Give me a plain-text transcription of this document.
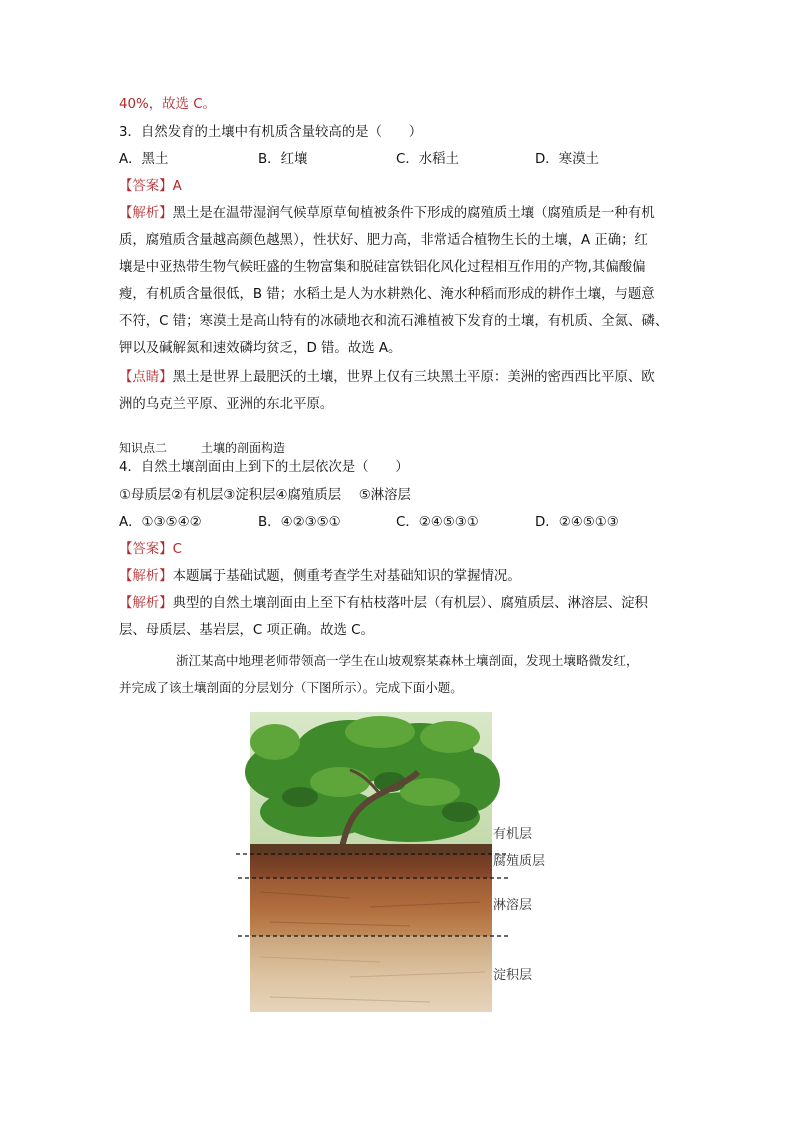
40%，故选 C。
3．自然发育的土壤中有机质含量较高的是（　　）
A．黑土	B．红壤	C．水稻土	D．寒漠土
【答案】A
【解析】黑土是在温带湿润气候草原草甸植被条件下形成的腐殖质土壤（腐殖质是一种有机
质，腐殖质含量越高颜色越黑），性状好、肥力高，非常适合植物生长的土壤，A 正确；红
壤是中亚热带生物气候旺盛的生物富集和脱硅富铁铝化风化过程相互作用的产物,其偏酸偏
瘦，有机质含量很低，B 错；水稻土是人为水耕熟化、淹水种稻而形成的耕作土壤，与题意
不符，C 错；寒漠土是高山特有的冰碛地衣和流石滩植被下发育的土壤，有机质、全氮、磷、
钾以及碱解氮和速效磷均贫乏，D 错。故选 A。
【点睛】黑土是世界上最肥沃的土壤，世界上仅有三块黑土平原：美洲的密西西比平原、欧
洲的乌克兰平原、亚洲的东北平原。
知识点二	土壤的剖面构造
4．自然土壤剖面由上到下的土层依次是（　　）
①母质层②有机层③淀积层④腐殖质层　 ⑤淋溶层
A．①③⑤④②	B．④②③⑤①	C．②④⑤③①	D．②④⑤①③
【答案】C
【解析】本题属于基础试题，侧重考查学生对基础知识的掌握情况。
【解析】典型的自然土壤剖面由上至下有枯枝落叶层（有机层）、腐殖质层、淋溶层、淀积
层、母质层、基岩层，C 项正确。故选 C。
浙江某高中地理老师带领高一学生在山坡观察某森林土壤剖面，发现土壤略微发红，
并完成了该土壤剖面的分层划分（下图所示）。完成下面小题。
有机层
腐殖质层
淋溶层
淀积层
